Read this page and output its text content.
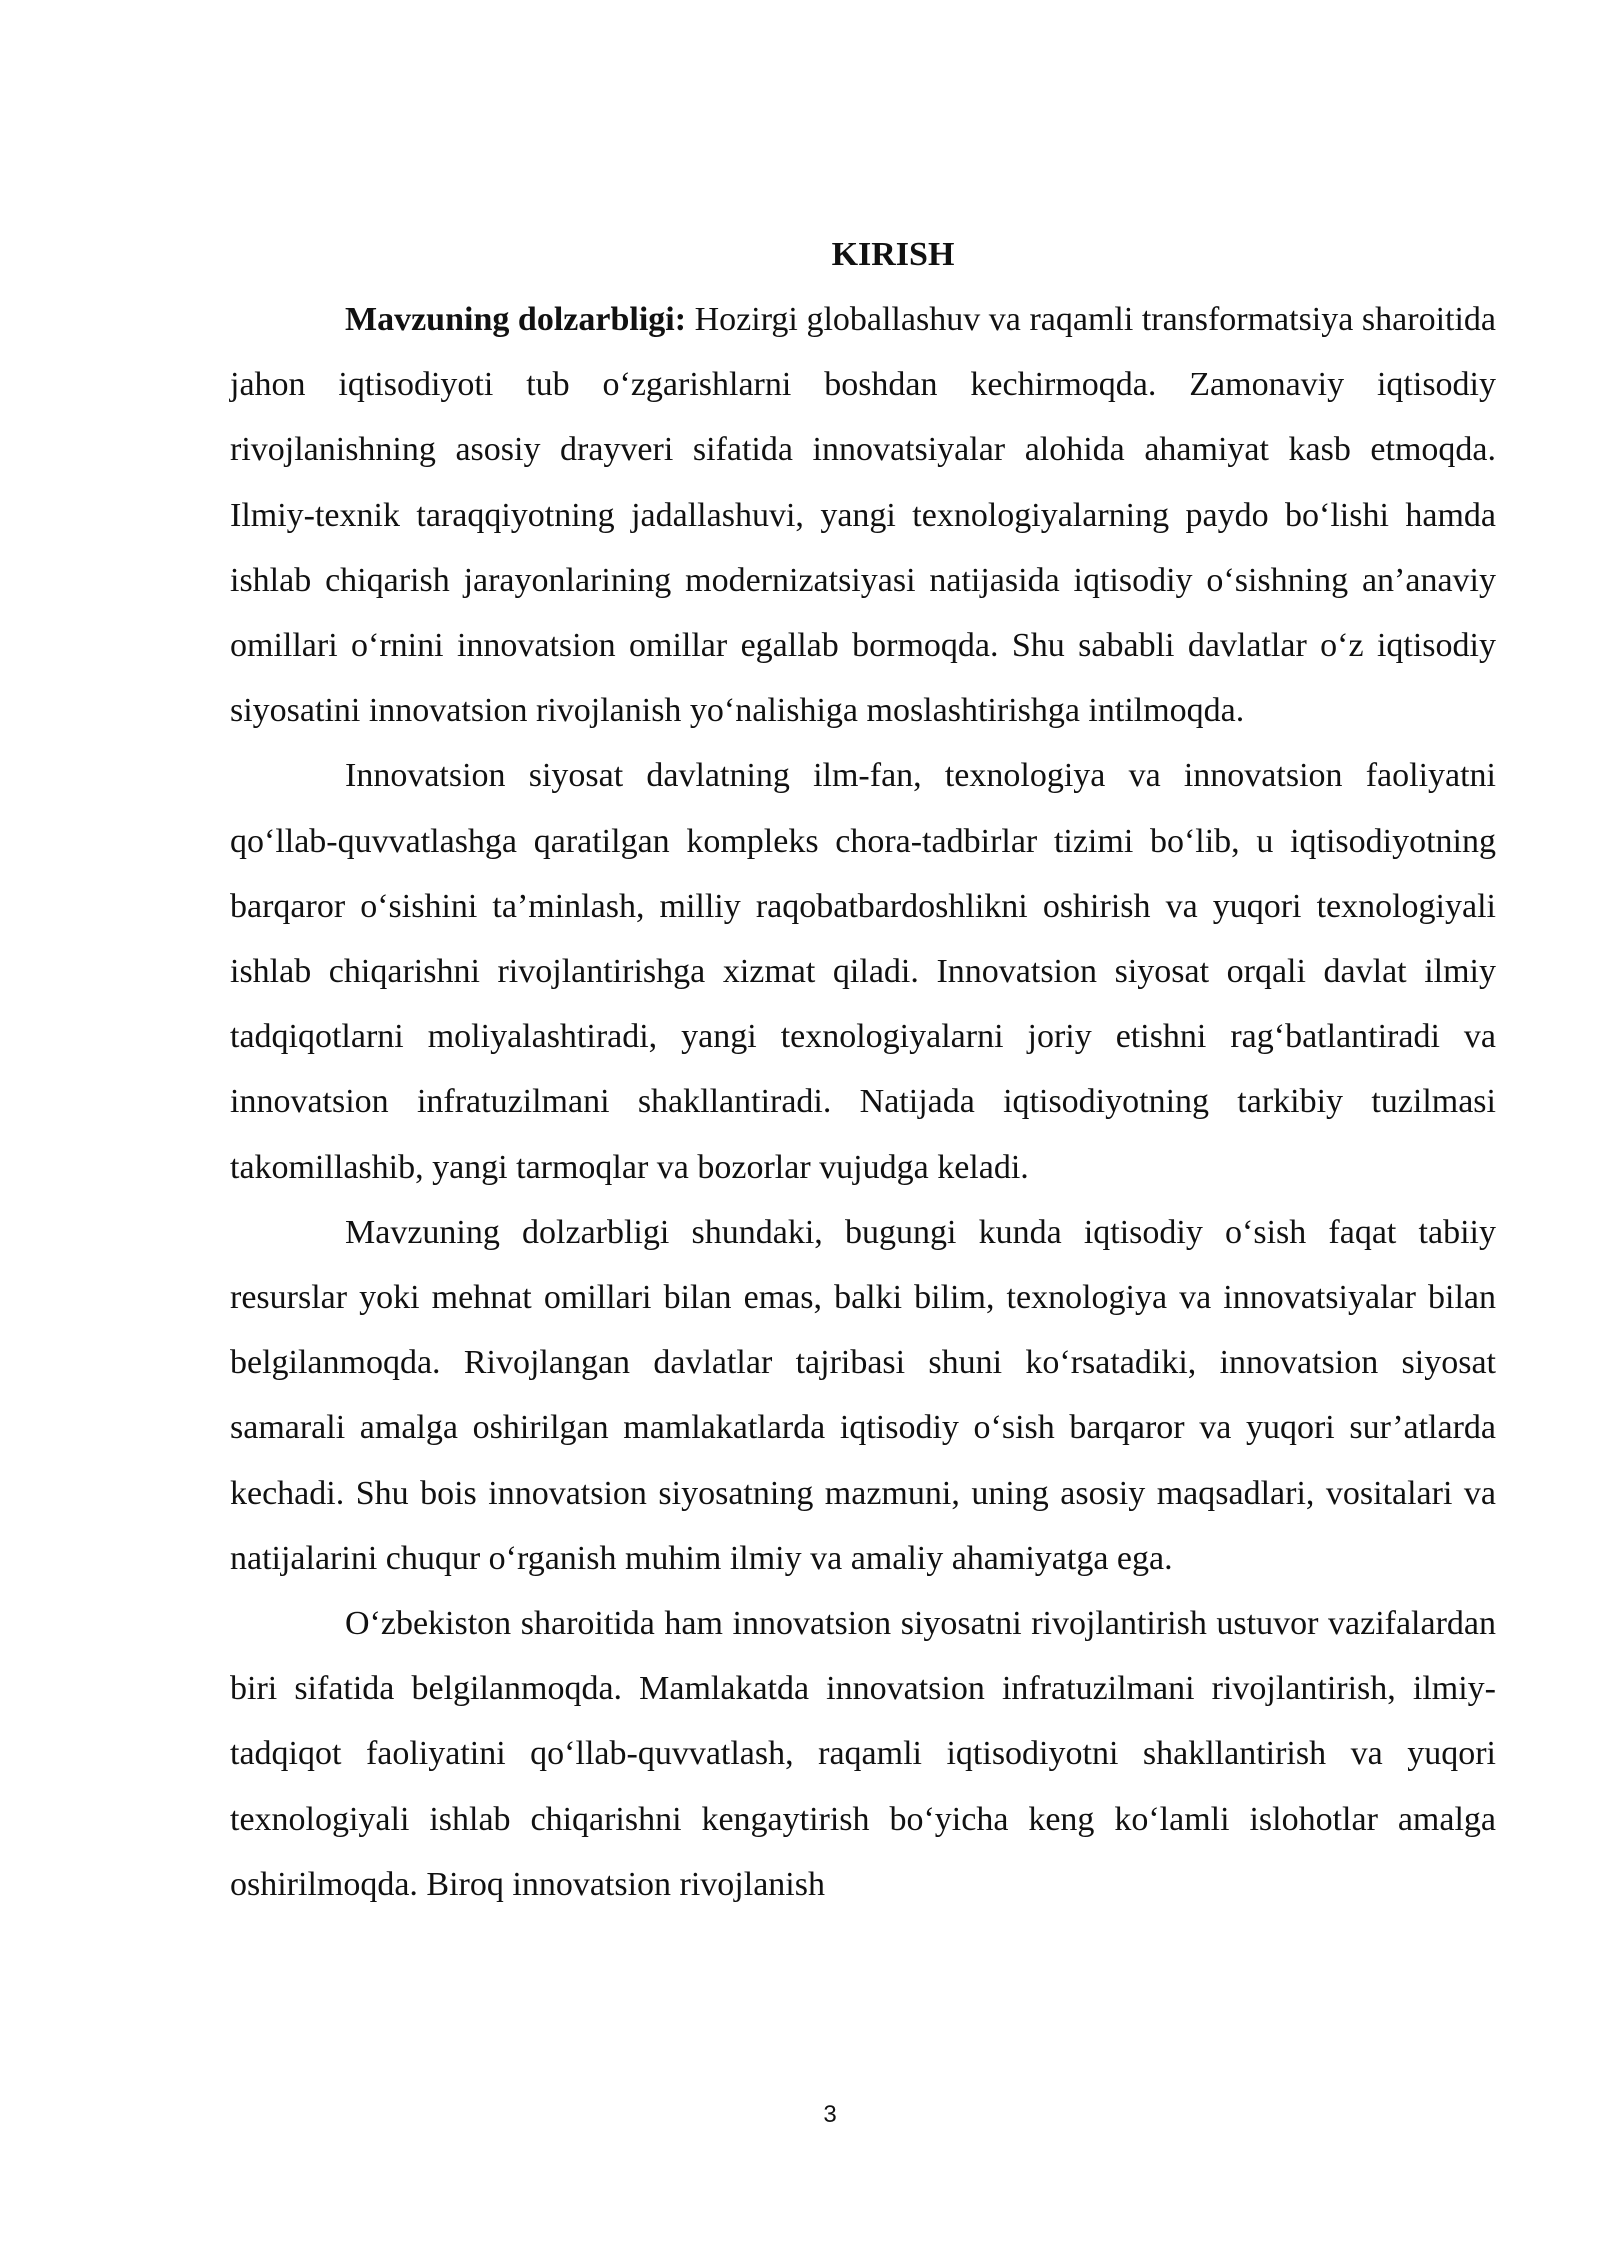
KIRISH

Mavzuning dolzarbligi: Hozirgi globallashuv va raqamli transformatsiya sharoitida jahon iqtisodiyoti tub o‘zgarishlarni boshdan kechirmoqda. Zamonaviy iqtisodiy rivojlanishning asosiy drayveri sifatida innovatsiyalar alohida ahamiyat kasb etmoqda. Ilmiy-texnik taraqqiyotning jadallashuvi, yangi texnologiyalarning paydo bo‘lishi hamda ishlab chiqarish jarayonlarining modernizatsiyasi natijasida iqtisodiy o‘sishning an’anaviy omillari o‘rnini innovatsion omillar egallab bormoqda. Shu sababli davlatlar o‘z iqtisodiy siyosatini innovatsion rivojlanish yo‘nalishiga moslashtirishga intilmoqda.

Innovatsion siyosat davlatning ilm-fan, texnologiya va innovatsion faoliyatni qo‘llab-quvvatlashga qaratilgan kompleks chora-tadbirlar tizimi bo‘lib, u iqtisodiyotning barqaror o‘sishini ta’minlash, milliy raqobatbardoshlikni oshirish va yuqori texnologiyali ishlab chiqarishni rivojlantirishga xizmat qiladi. Innovatsion siyosat orqali davlat ilmiy tadqiqotlarni moliyalashtiradi, yangi texnologiyalarni joriy etishni rag‘batlantiradi va innovatsion infratuzilmani shakllantiradi. Natijada iqtisodiyotning tarkibiy tuzilmasi takomillashib, yangi tarmoqlar va bozorlar vujudga keladi.

Mavzuning dolzarbligi shundaki, bugungi kunda iqtisodiy o‘sish faqat tabiiy resurslar yoki mehnat omillari bilan emas, balki bilim, texnologiya va innovatsiyalar bilan belgilanmoqda. Rivojlangan davlatlar tajribasi shuni ko‘rsatadiki, innovatsion siyosat samarali amalga oshirilgan mamlakatlarda iqtisodiy o‘sish barqaror va yuqori sur’atlarda kechadi. Shu bois innovatsion siyosatning mazmuni, uning asosiy maqsadlari, vositalari va natijalarini chuqur o‘rganish muhim ilmiy va amaliy ahamiyatga ega.

O‘zbekiston sharoitida ham innovatsion siyosatni rivojlantirish ustuvor vazifalardan biri sifatida belgilanmoqda. Mamlakatda innovatsion infratuzilmani rivojlantirish, ilmiy-tadqiqot faoliyatini qo‘llab-quvvatlash, raqamli iqtisodiyotni shakllantirish va yuqori texnologiyali ishlab chiqarishni kengaytirish bo‘yicha keng ko‘lamli islohotlar amalga oshirilmoqda. Biroq innovatsion rivojlanish

3
